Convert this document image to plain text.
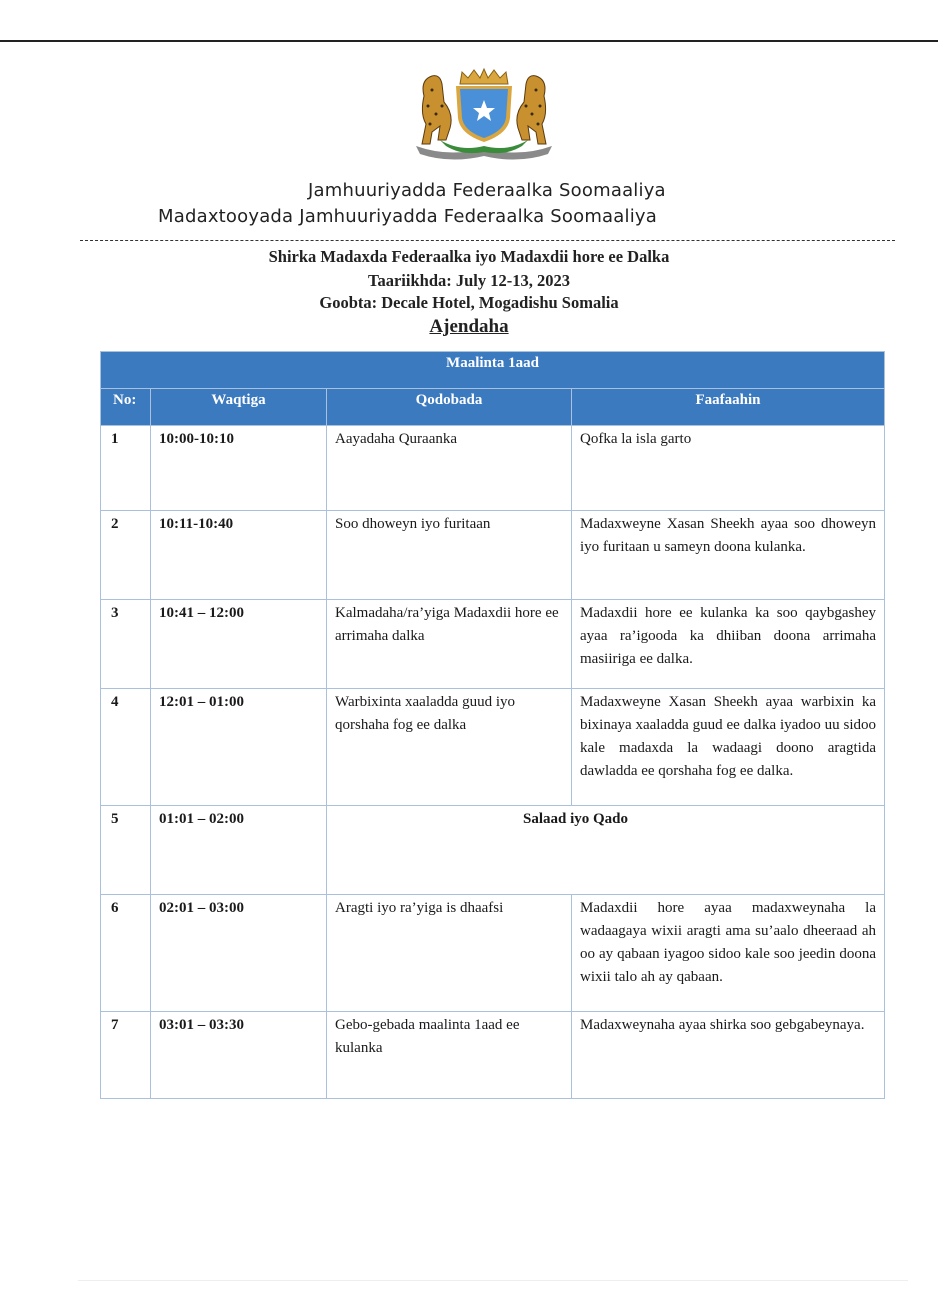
Jamhuuriyadda Federaalka Soomaaliya
Madaxtooyada Jamhuuriyadda Federaalka Soomaaliya
Shirka Madaxda Federaalka iyo Madaxdii hore ee Dalka
Taariikhda: July 12-13, 2023
Goobta: Decale Hotel, Mogadishu Somalia
Ajendaha
Maalinta 1aad			
No:	Waqtiga	Qodobada	Faafaahin
1	10:00-10:10	Aayadaha Quraanka	Qofka la isla garto
2	10:11-10:40	Soo dhoweyn iyo furitaan	Madaxweyne Xasan Sheekh ayaa soo dhoweyn iyo furitaan u sameyn doona kulanka.
3	10:41 – 12:00	Kalmadaha/ra’yiga Madaxdii hore ee arrimaha dalka	Madaxdii hore ee kulanka ka soo qaybgashey ayaa ra’igooda ka dhiiban doona arrimaha masiiriga ee dalka.
4	12:01 – 01:00	Warbixinta xaaladda guud iyo qorshaha fog ee dalka	Madaxweyne Xasan Sheekh ayaa warbixin ka bixinaya xaaladda guud ee dalka iyadoo uu sidoo kale madaxda la wadaagi doono aragtida dawladda ee qorshaha fog ee dalka.
5	01:01 – 02:00	Salaad iyo Qado	
6	02:01 – 03:00	Aragti iyo ra’yiga is dhaafsi	Madaxdii hore ayaa madaxweynaha la wadaagaya wixii aragti ama su’aalo dheeraad ah oo ay qabaan iyagoo sidoo kale soo jeedin doona wixii talo ah ay qabaan.
7	03:01 – 03:30	Gebo-gebada maalinta 1aad ee kulanka	Madaxweynaha ayaa shirka soo gebgabeynaya.
